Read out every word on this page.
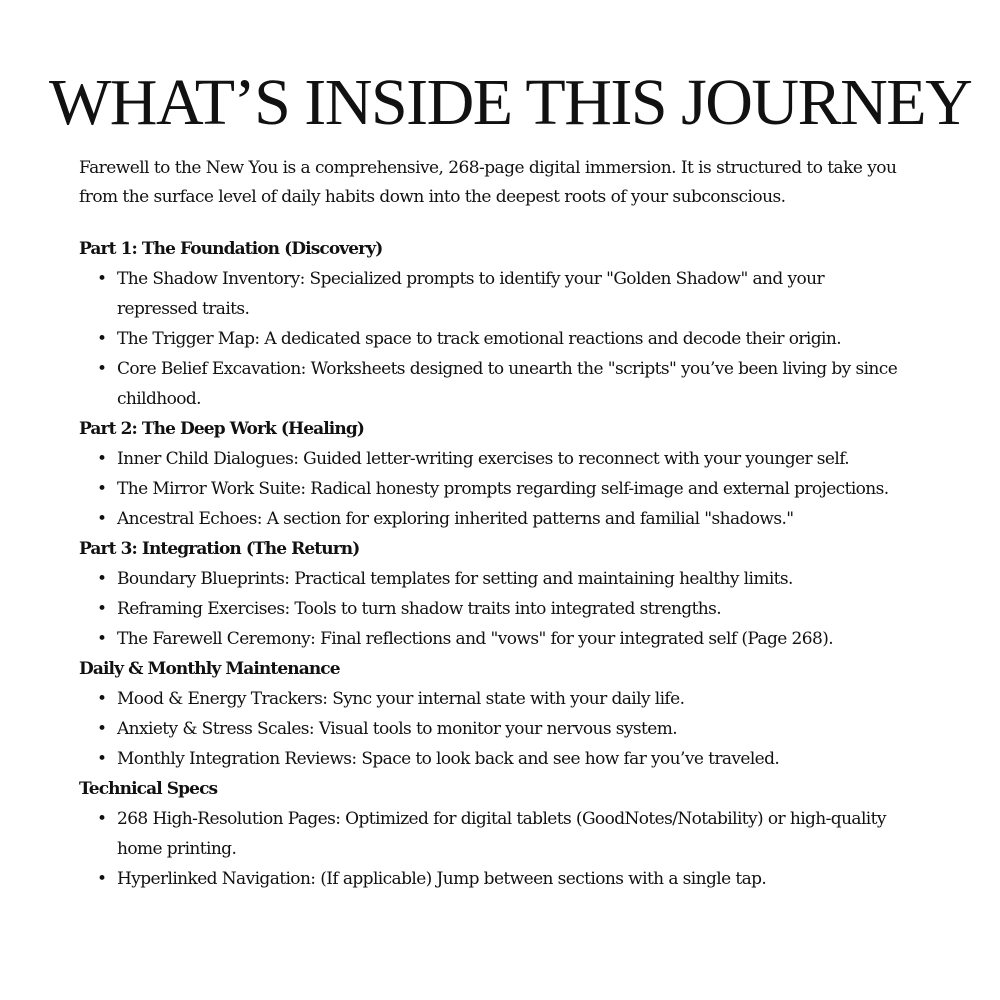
WHAT’S INSIDE THIS JOURNEY

Farewell to the New You is a comprehensive, 268-page digital immersion. It is structured to take you from the surface level of daily habits down into the deepest roots of your subconscious.

Part 1: The Foundation (Discovery)

• The Shadow Inventory: Specialized prompts to identify your "Golden Shadow" and your repressed traits.
• The Trigger Map: A dedicated space to track emotional reactions and decode their origin.
• Core Belief Excavation: Worksheets designed to unearth the "scripts" you’ve been living by since childhood.

Part 2: The Deep Work (Healing)

• Inner Child Dialogues: Guided letter-writing exercises to reconnect with your younger self.
• The Mirror Work Suite: Radical honesty prompts regarding self-image and external projections.
• Ancestral Echoes: A section for exploring inherited patterns and familial "shadows."

Part 3: Integration (The Return)

• Boundary Blueprints: Practical templates for setting and maintaining healthy limits.
• Reframing Exercises: Tools to turn shadow traits into integrated strengths.
• The Farewell Ceremony: Final reflections and "vows" for your integrated self (Page 268).

Daily & Monthly Maintenance

• Mood & Energy Trackers: Sync your internal state with your daily life.
• Anxiety & Stress Scales: Visual tools to monitor your nervous system.
• Monthly Integration Reviews: Space to look back and see how far you’ve traveled.

Technical Specs

• 268 High-Resolution Pages: Optimized for digital tablets (GoodNotes/Notability) or high-quality home printing.
• Hyperlinked Navigation: (If applicable) Jump between sections with a single tap.
